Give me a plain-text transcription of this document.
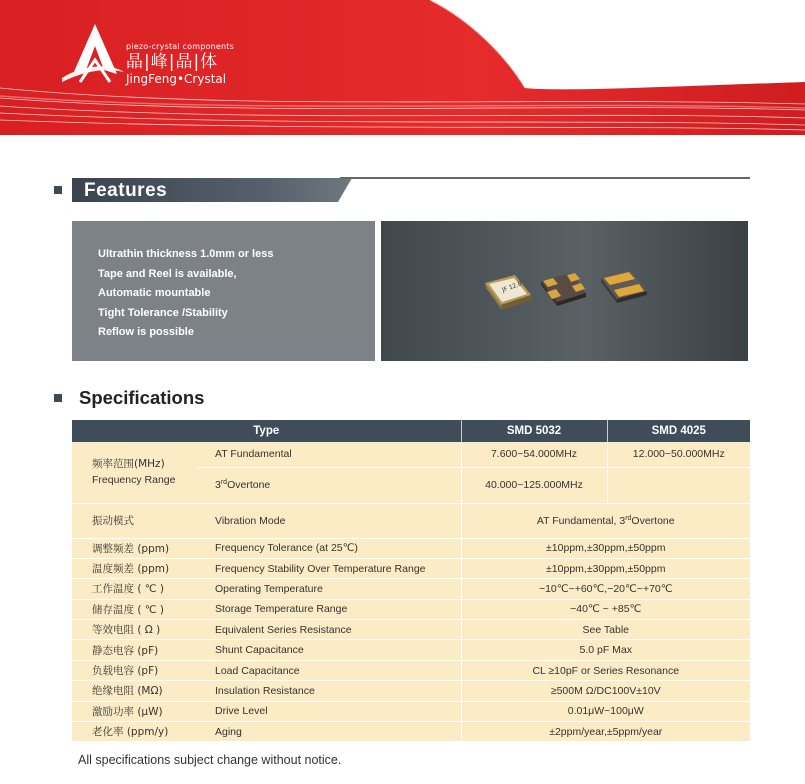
piezo-crystal components
晶|峰|晶|体
JingFeng•Crystal
Features
Ultrathin thickness 1.0mm or less
Tape and Reel is available,
Automatic mountable
Tight Tolerance /Stability
Reflow is possible
JF 12.0
Specifications
Type		SMD 5032	SMD 4025

频率范围(MHz)
Frequency Range	AT Fundamental	7.600~54.000MHz	12.000~50.000MHz
	3rdOvertone	40.000~125.000MHz	
振动模式	Vibration Mode	AT Fundamental, 3rdOvertone	
调整频差 (ppm)	Frequency Tolerance (at 25℃)	±10ppm,±30ppm,±50ppm	
温度频差 (ppm)	Frequency Stability Over Temperature Range	±10ppm,±30ppm,±50ppm	
工作温度 ( ℃ )	Operating Temperature	−10℃~+60℃,−20℃~+70℃	
储存温度 ( ℃ )	Storage Temperature Range	−40℃ ~ +85℃	
等效电阻 ( Ω )	Equivalent Series Resistance	See Table	
静态电容 (pF)	Shunt Capacitance	5.0 pF Max	
负载电容 (pF)	Load Capacitance	CL ≥10pF or Series Resonance	
绝缘电阻 (MΩ)	Insulation Resistance	≥500M Ω/DC100V±10V	
激励功率 (μW)	Drive Level	0.01μW~100μW	
老化率 (ppm/y)	Aging	±2ppm/year,±5ppm/year	
All specifications subject change without notice.
